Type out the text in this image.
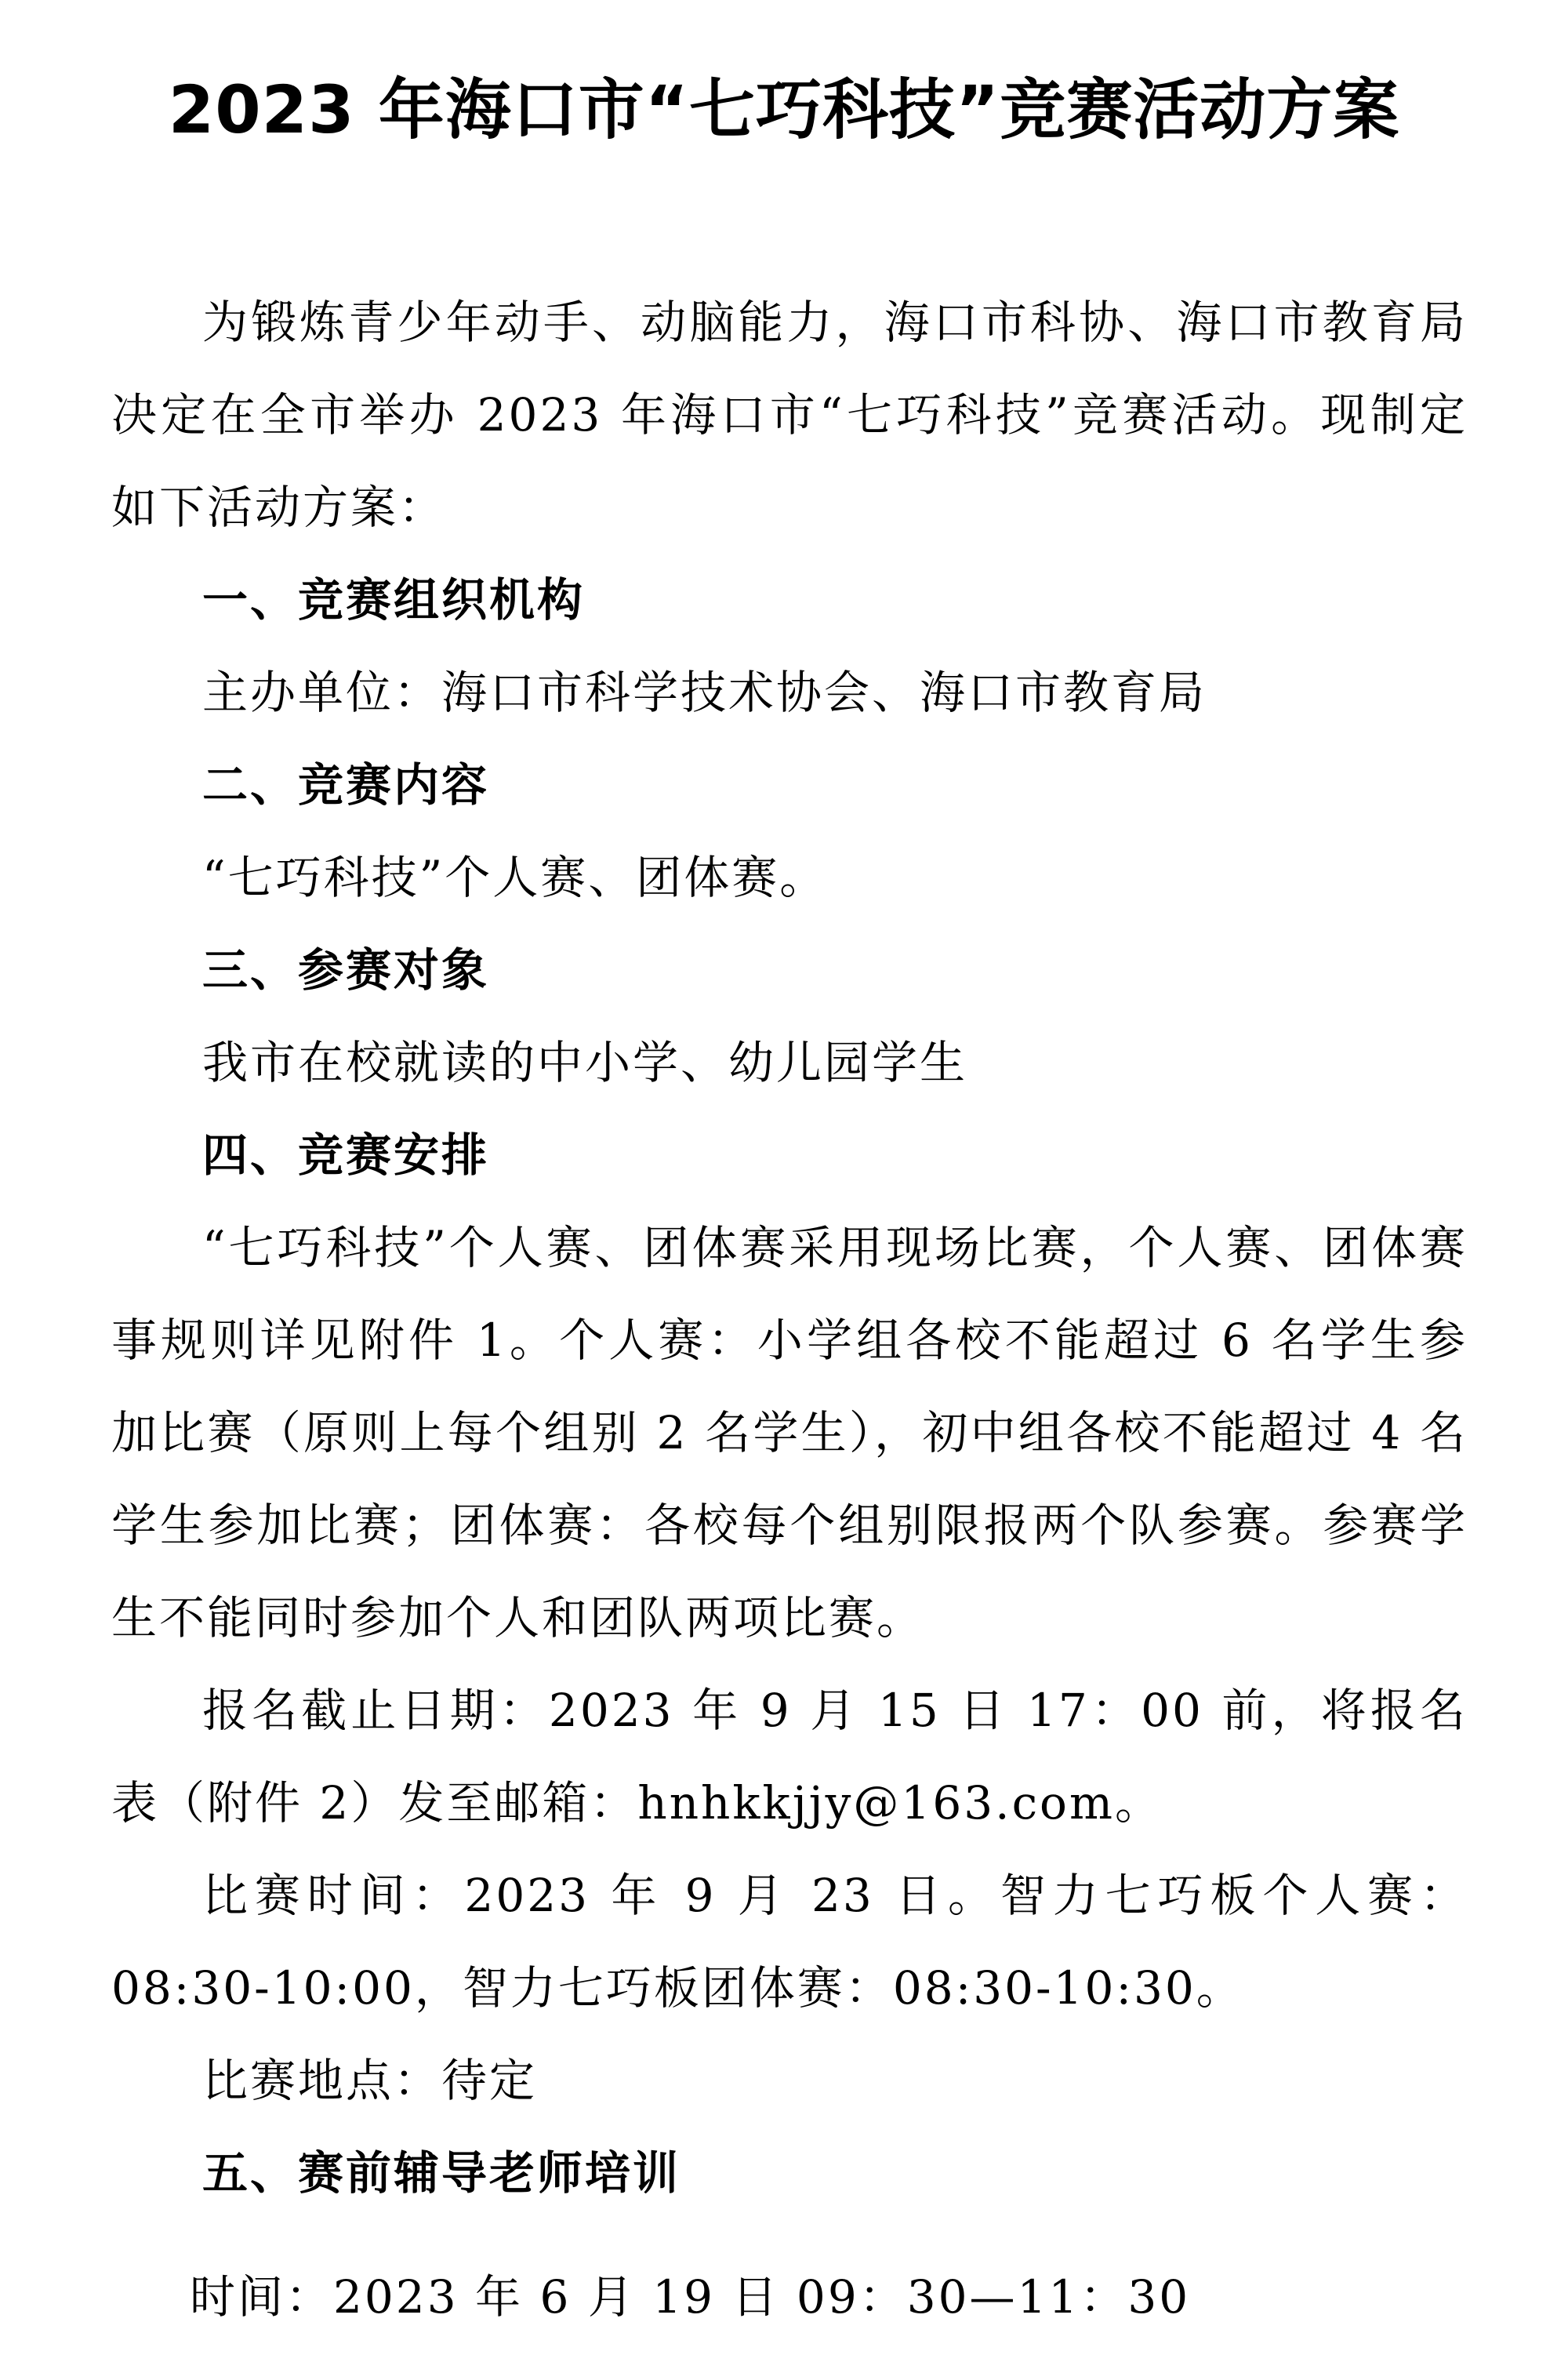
2023 年海口市“七巧科技”竞赛活动方案

为锻炼青少年动手、动脑能力，海口市科协、海口市教育局决定在全市举办 2023 年海口市“七巧科技”竞赛活动。现制定如下活动方案：

一、竞赛组织机构

主办单位：海口市科学技术协会、海口市教育局

二、竞赛内容

“七巧科技”个人赛、团体赛。

三、参赛对象

我市在校就读的中小学、幼儿园学生

四、竞赛安排

“七巧科技”个人赛、团体赛采用现场比赛，个人赛、团体赛事规则详见附件 1。个人赛：小学组各校不能超过 6 名学生参加比赛（原则上每个组别 2 名学生），初中组各校不能超过 4 名学生参加比赛；团体赛：各校每个组别限报两个队参赛。参赛学生不能同时参加个人和团队两项比赛。

报名截止日期：2023 年 9 月 15 日 17：00 前，将报名表（附件 2）发至邮箱：hnhkkjjy@163.com。

比赛时间：2023 年 9 月 23 日。智力七巧板个人赛：08:30-10:00，智力七巧板团体赛：08:30-10:30。

比赛地点：待定

五、赛前辅导老师培训

时间：2023 年 6 月 19 日 09：30—11：30
